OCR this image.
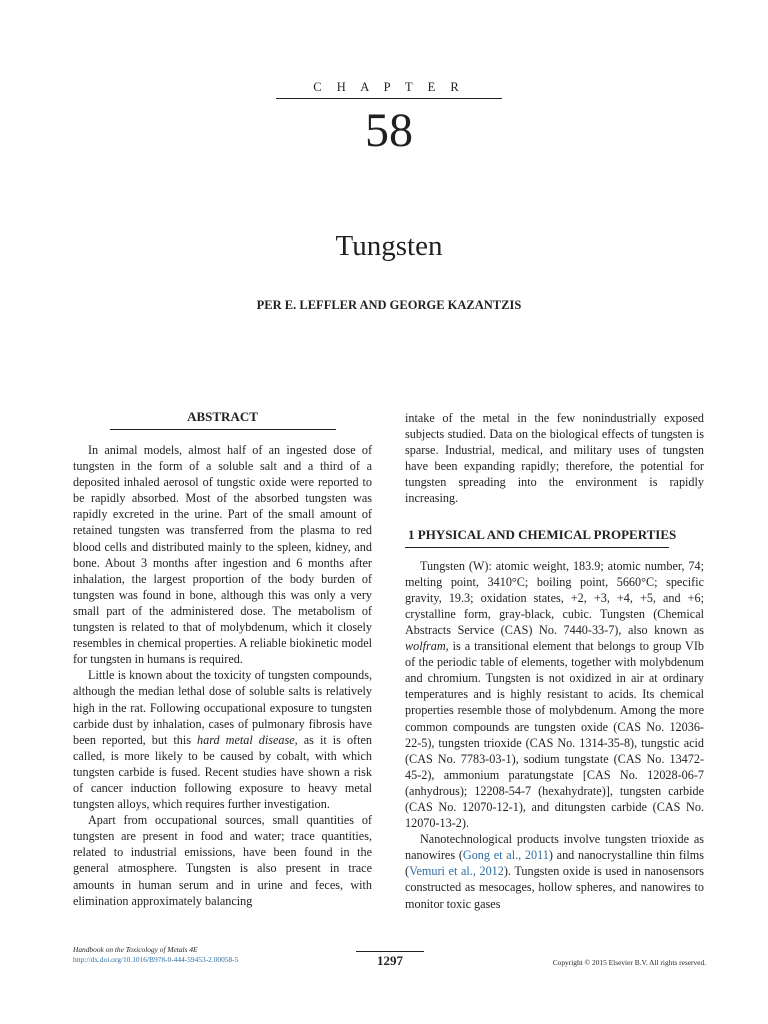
C H A P T E R
58
Tungsten
PER E. LEFFLER AND GEORGE KAZANTZIS
ABSTRACT

In animal models, almost half of an ingested dose of tungsten in the form of a soluble salt and a third of a deposited inhaled aerosol of tungstic oxide were reported to be rapidly absorbed. Most of the absorbed tungsten was rapidly excreted in the urine. Part of the small amount of retained tungsten was transferred from the plasma to red blood cells and distributed mainly to the spleen, kidney, and bone. About 3 months after ingestion and 6 months after inhalation, the largest proportion of the body burden of tungsten was found in bone, although this was only a very small part of the administered dose. The metabolism of tungsten is related to that of molybdenum, which it closely resembles in chemical properties. A reliable biokinetic model for tungsten in humans is required.

Little is known about the toxicity of tungsten compounds, although the median lethal dose of soluble salts is relatively high in the rat. Following occupational exposure to tungsten carbide dust by inhalation, cases of pulmonary fibrosis have been reported, but this hard metal disease, as it is often called, is more likely to be caused by cobalt, with which tungsten carbide is fused. Recent studies have shown a risk of cancer induction following exposure to heavy metal tungsten alloys, which requires further investigation.

Apart from occupational sources, small quantities of tungsten are present in food and water; trace quantities, related to industrial emissions, have been found in the general atmosphere. Tungsten is also present in trace amounts in human serum and in urine and feces, with elimination approximately balancing

intake of the metal in the few nonindustrially exposed subjects studied. Data on the biological effects of tungsten is sparse. Industrial, medical, and military uses of tungsten have been expanding rapidly; therefore, the potential for tungsten spreading into the environment is rapidly increasing.

1 PHYSICAL AND CHEMICAL PROPERTIES

Tungsten (W): atomic weight, 183.9; atomic number, 74; melting point, 3410°C; boiling point, 5660°C; specific gravity, 19.3; oxidation states, +2, +3, +4, +5, and +6; crystalline form, gray-black, cubic. Tungsten (Chemical Abstracts Service (CAS) No. 7440-33-7), also known as wolfram, is a transitional element that belongs to group VIb of the periodic table of elements, together with molybdenum and chromium. Tungsten is not oxidized in air at ordinary temperatures and is highly resistant to acids. Its chemical properties resemble those of molybdenum. Among the more common compounds are tungsten oxide (CAS No. 12036-22-5), tungsten trioxide (CAS No. 1314-35-8), tungstic acid (CAS No. 7783-03-1), sodium tungstate (CAS No. 13472-45-2), ammonium paratungstate [CAS No. 12028-06-7 (anhydrous); 12208-54-7 (hexahydrate)], tungsten carbide (CAS No. 12070-12-1), and ditungsten carbide (CAS No. 12070-13-2).

Nanotechnological products involve tungsten trioxide as nanowires (Gong et al., 2011) and nanocrystalline thin films (Vemuri et al., 2012). Tungsten oxide is used in nanosensors constructed as mesocages, hollow spheres, and nanowires to monitor toxic gases

Handbook on the Toxicology of Metals 4E
http://dx.doi.org/10.1016/B978-0-444-59453-2.00058-5	1297	Copyright © 2015 Elsevier B.V. All rights reserved.
